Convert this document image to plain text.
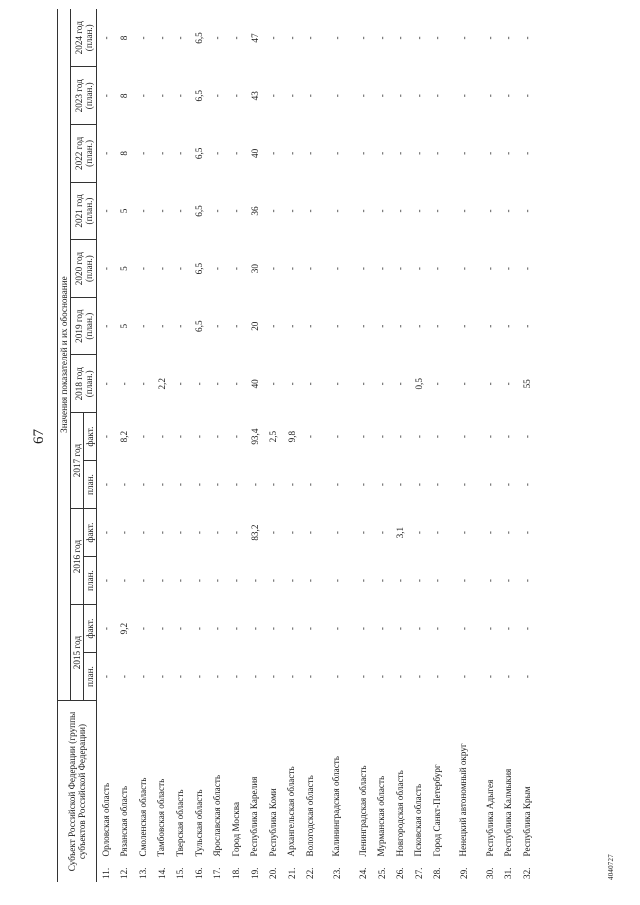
67
4040727
Субъект Российской Федерации (группы субъектов Российской Федерации)		Значения показателей и их обоснование												
		2015 год		2016 год		2017 год		2018 год (план.)	2019 год (план.)	2020 год (план.)	2021 год (план.)	2022 год (план.)	2023 год (план.)	2024 год (план.)
		план.	факт.	план.	факт.	план.	факт.							
11.	Орловская область	-	-	-	-	-	-	-	-	-	-	-	-	-
12.	Рязанская область	-	9,2	-	-	-	8,2	-	5	5	5	8	8	8
13.	Смоленская область	-	-	-	-	-	-	-	-	-	-	-	-	-
14.	Тамбовская область	-	-	-	-	-	-	2,2	-	-	-	-	-	-
15.	Тверская область	-	-	-	-	-	-	-	-	-	-	-	-	-
16.	Тульская область	-	-	-	-	-	-	-	6,5	6,5	6,5	6,5	6,5	6,5
17.	Ярославская область	-	-	-	-	-	-	-	-	-	-	-	-	-
18.	Город Москва	-	-	-	-	-	-	-	-	-	-	-	-	-
19.	Республика Карелия	-	-	-	83,2	-	93,4	40	20	30	36	40	43	47
20.	Республика Коми	-	-	-	-	-	2,5	-	-	-	-	-	-	-
21.	Архангельская область	-	-	-	-	-	9,8	-	-	-	-	-	-	-
22.	Вологодская область	-	-	-	-	-	-	-	-	-	-	-	-	-
23.	Калининградская область	-	-	-	-	-	-	-	-	-	-	-	-	-
24.	Ленинградская область	-	-	-	-	-	-	-	-	-	-	-	-	-
25.	Мурманская область	-	-	-	-	-	-	-	-	-	-	-	-	-
26.	Новгородская область	-	-	-	3,1	-	-	-	-	-	-	-	-	-
27.	Псковская область	-	-	-	-	-	-	0,5	-	-	-	-	-	-
28.	Город Санкт-Петербург	-	-	-	-	-	-	-	-	-	-	-	-	-
29.	Ненецкий автономный округ	-	-	-	-	-	-	-	-	-	-	-	-	-
30.	Республика Адыгея	-	-	-	-	-	-	-	-	-	-	-	-	-
31.	Республика Калмыкия	-	-	-	-	-	-	-	-	-	-	-	-	-
32.	Республика Крым	-	-	-	-	-	-	55	-	-	-	-	-	-
